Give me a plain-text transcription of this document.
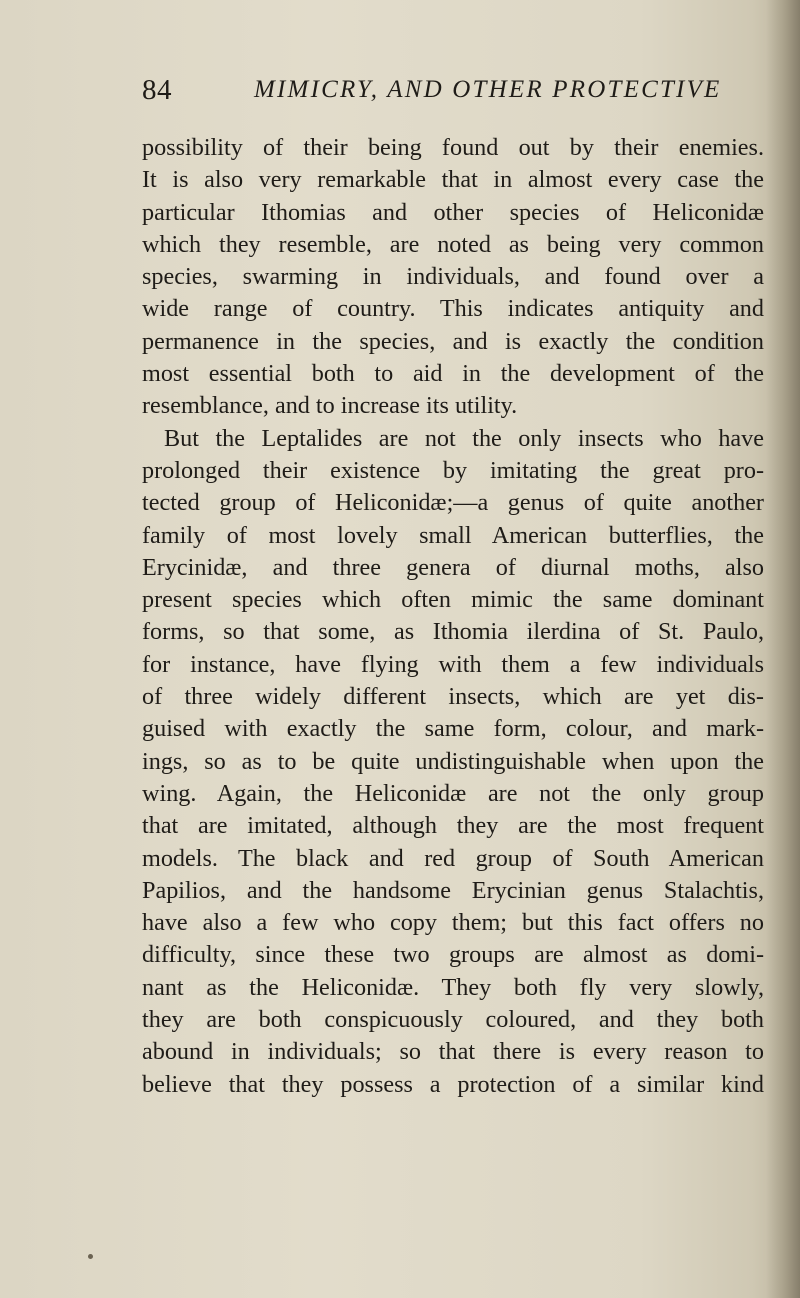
84	MIMICRY, AND OTHER PROTECTIVE
possibility of their being found out by their enemies.
It is also very remarkable that in almost every case the
particular Ithomias and other species of Heliconidæ
which they resemble, are noted as being very common
species, swarming in individuals, and found over a
wide range of country. This indicates antiquity and
permanence in the species, and is exactly the condition
most essential both to aid in the development of the
resemblance, and to increase its utility.
But the Leptalides are not the only insects who have
prolonged their existence by imitating the great pro-
tected group of Heliconidæ;—a genus of quite another
family of most lovely small American butterflies, the
Erycinidæ, and three genera of diurnal moths, also
present species which often mimic the same dominant
forms, so that some, as Ithomia ilerdina of St. Paulo,
for instance, have flying with them a few individuals
of three widely different insects, which are yet dis-
guised with exactly the same form, colour, and mark-
ings, so as to be quite undistinguishable when upon the
wing. Again, the Heliconidæ are not the only group
that are imitated, although they are the most frequent
models. The black and red group of South American
Papilios, and the handsome Erycinian genus Stalachtis,
have also a few who copy them; but this fact offers no
difficulty, since these two groups are almost as domi-
nant as the Heliconidæ. They both fly very slowly,
they are both conspicuously coloured, and they both
abound in individuals; so that there is every reason to
believe that they possess a protection of a similar kind
